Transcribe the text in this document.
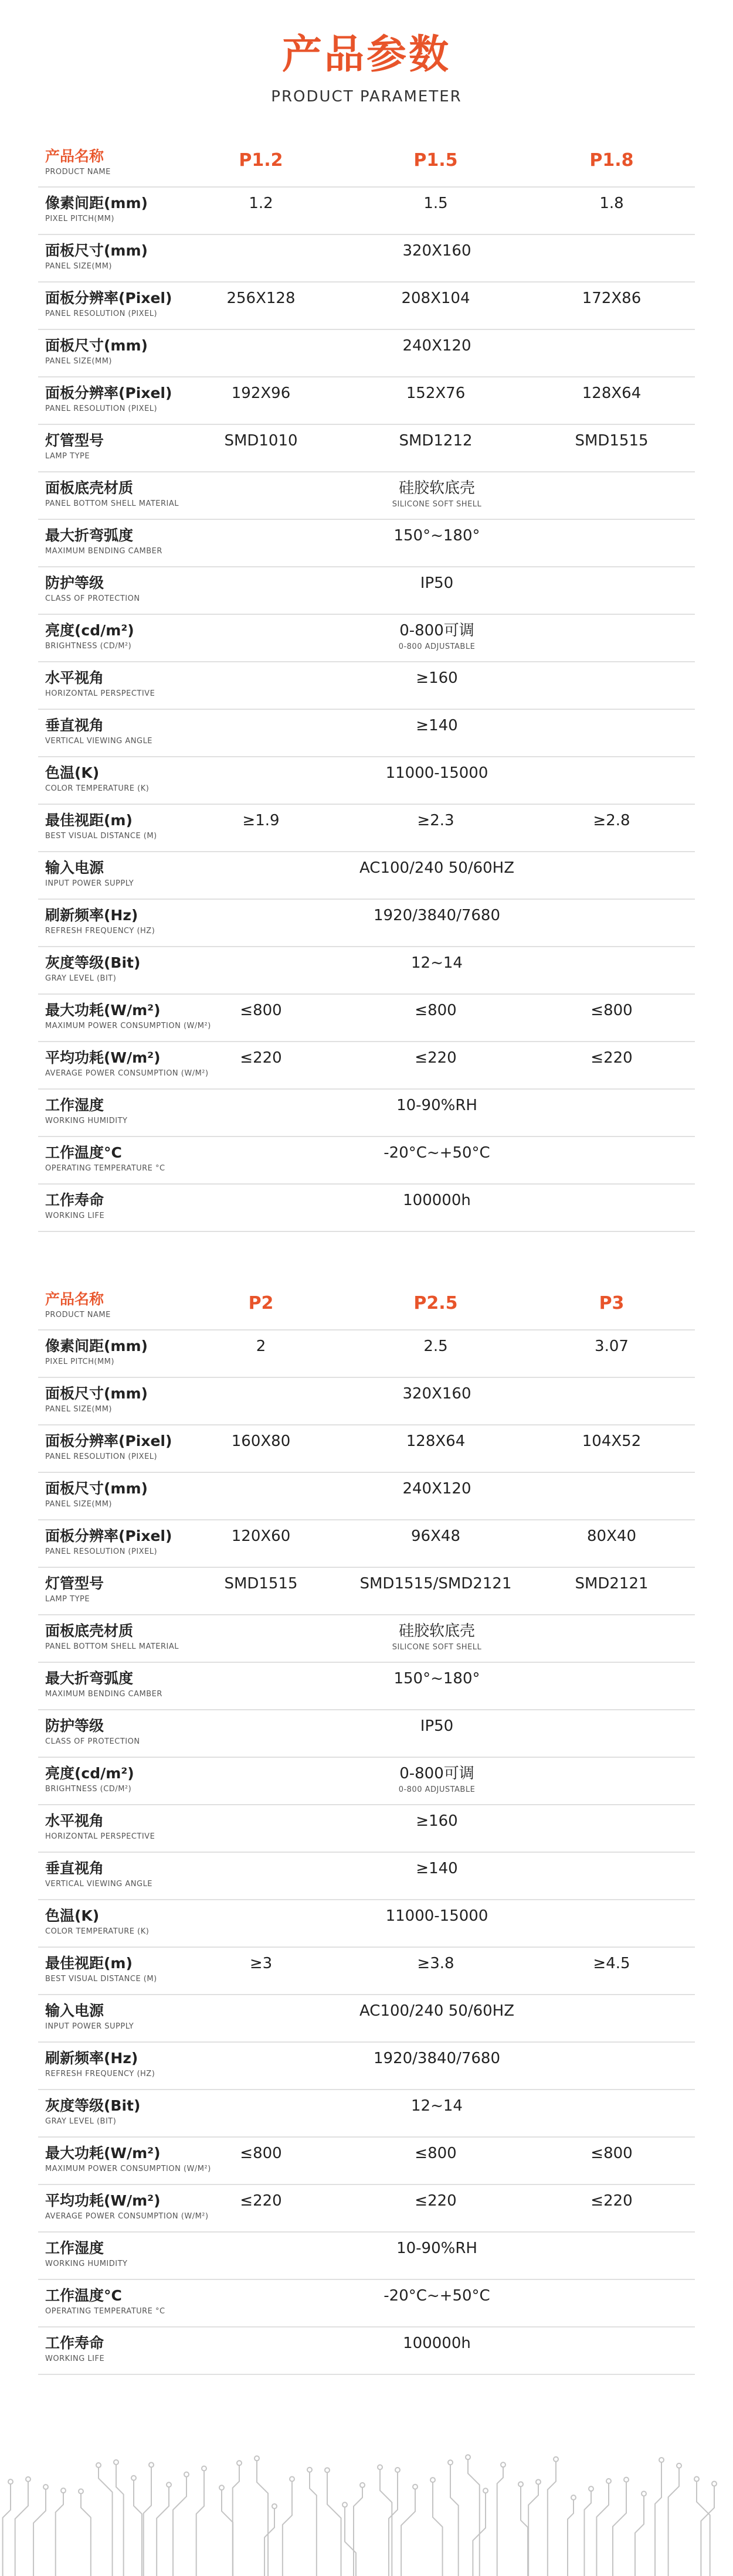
产品参数
PRODUCT PARAMETER
产品名称
PRODUCT NAME
P1.2	P1.5	P1.8
像素间距(mm)
PIXEL PITCH(MM)
1.2	1.5	1.8
面板尺寸(mm)
PANEL SIZE(MM)
320X160
面板分辨率(Pixel)
PANEL RESOLUTION (PIXEL)
256X128	208X104	172X86
面板尺寸(mm)
PANEL SIZE(MM)
240X120
面板分辨率(Pixel)
PANEL RESOLUTION (PIXEL)
192X96	152X76	128X64
灯管型号
LAMP TYPE
SMD1010	SMD1212	SMD1515
面板底壳材质
PANEL BOTTOM SHELL MATERIAL
硅胶软底壳
SILICONE SOFT SHELL
最大折弯弧度
MAXIMUM BENDING CAMBER
150°~180°
防护等级
CLASS OF PROTECTION
IP50
亮度(cd/m²)
BRIGHTNESS (CD/M²)
0-800可调
0-800 ADJUSTABLE
水平视角
HORIZONTAL PERSPECTIVE
≥160
垂直视角
VERTICAL VIEWING ANGLE
≥140
色温(K)
COLOR TEMPERATURE (K)
11000-15000
最佳视距(m)
BEST VISUAL DISTANCE (M)
≥1.9	≥2.3	≥2.8
输入电源
INPUT POWER SUPPLY
AC100/240 50/60HZ
刷新频率(Hz)
REFRESH FREQUENCY (HZ)
1920/3840/7680
灰度等级(Bit)
GRAY LEVEL (BIT)
12~14
最大功耗(W/m²)
MAXIMUM POWER CONSUMPTION (W/M²)
≤800	≤800	≤800
平均功耗(W/m²)
AVERAGE POWER CONSUMPTION (W/M²)
≤220	≤220	≤220
工作湿度
WORKING HUMIDITY
10-90%RH
工作温度°C
OPERATING TEMPERATURE °C
-20°C~+50°C
工作寿命
WORKING LIFE
100000h
产品名称
PRODUCT NAME
P2	P2.5	P3
像素间距(mm)
PIXEL PITCH(MM)
2	2.5	3.07
面板尺寸(mm)
PANEL SIZE(MM)
320X160
面板分辨率(Pixel)
PANEL RESOLUTION (PIXEL)
160X80	128X64	104X52
面板尺寸(mm)
PANEL SIZE(MM)
240X120
面板分辨率(Pixel)
PANEL RESOLUTION (PIXEL)
120X60	96X48	80X40
灯管型号
LAMP TYPE
SMD1515	SMD1515/SMD2121	SMD2121
面板底壳材质
PANEL BOTTOM SHELL MATERIAL
硅胶软底壳
SILICONE SOFT SHELL
最大折弯弧度
MAXIMUM BENDING CAMBER
150°~180°
防护等级
CLASS OF PROTECTION
IP50
亮度(cd/m²)
BRIGHTNESS (CD/M²)
0-800可调
0-800 ADJUSTABLE
水平视角
HORIZONTAL PERSPECTIVE
≥160
垂直视角
VERTICAL VIEWING ANGLE
≥140
色温(K)
COLOR TEMPERATURE (K)
11000-15000
最佳视距(m)
BEST VISUAL DISTANCE (M)
≥3	≥3.8	≥4.5
输入电源
INPUT POWER SUPPLY
AC100/240 50/60HZ
刷新频率(Hz)
REFRESH FREQUENCY (HZ)
1920/3840/7680
灰度等级(Bit)
GRAY LEVEL (BIT)
12~14
最大功耗(W/m²)
MAXIMUM POWER CONSUMPTION (W/M²)
≤800	≤800	≤800
平均功耗(W/m²)
AVERAGE POWER CONSUMPTION (W/M²)
≤220	≤220	≤220
工作湿度
WORKING HUMIDITY
10-90%RH
工作温度°C
OPERATING TEMPERATURE °C
-20°C~+50°C
工作寿命
WORKING LIFE
100000h
